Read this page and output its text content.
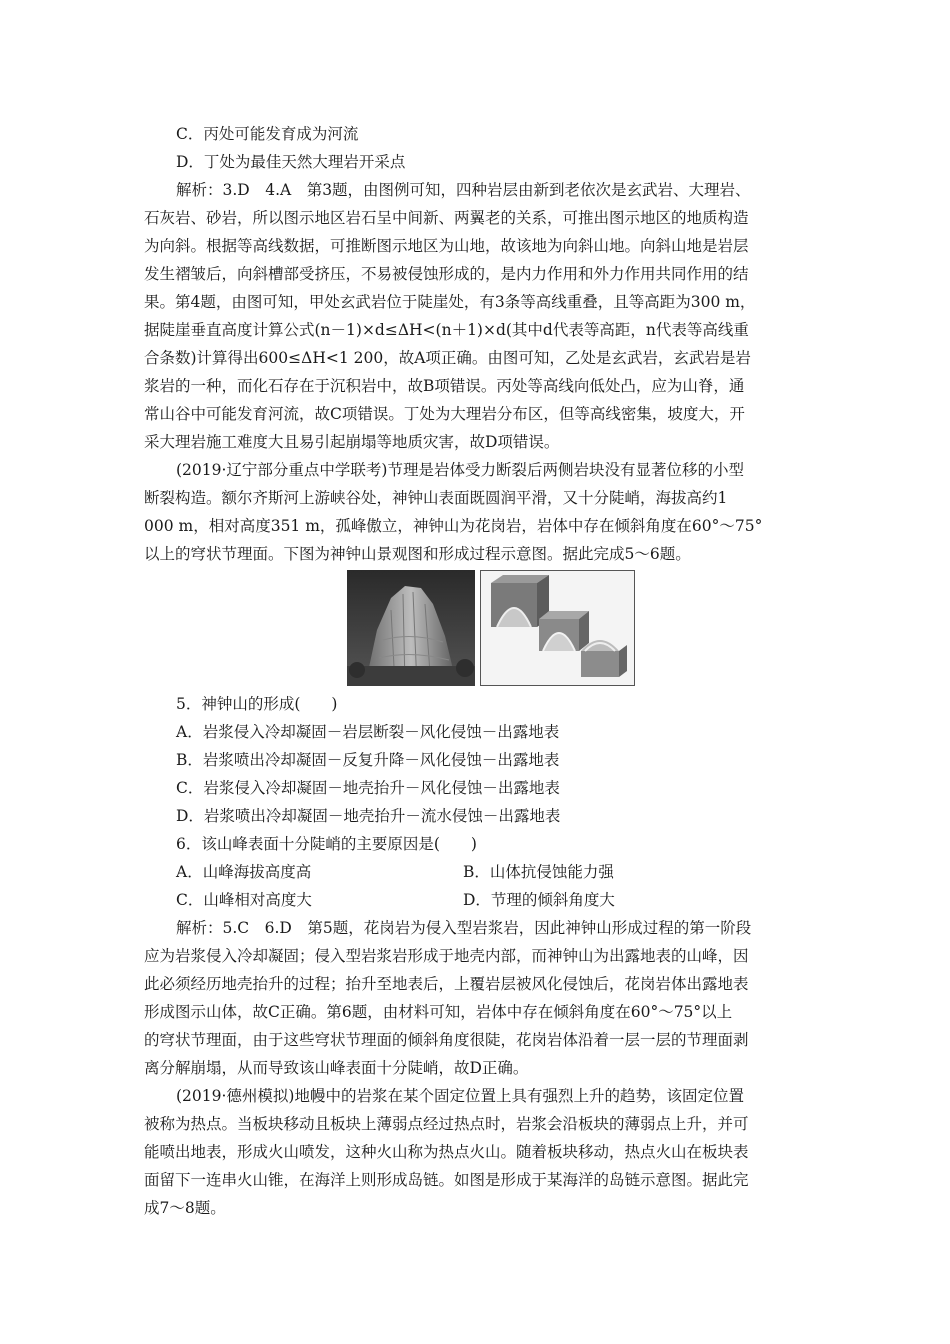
C．丙处可能发育成为河流
D．丁处为最佳天然大理岩开采点
解析：3.D　4.A　第3题，由图例可知，四种岩层由新到老依次是玄武岩、大理岩、
石灰岩、砂岩，所以图示地区岩石呈中间新、两翼老的关系，可推出图示地区的地质构造
为向斜。根据等高线数据，可推断图示地区为山地，故该地为向斜山地。向斜山地是岩层
发生褶皱后，向斜槽部受挤压，不易被侵蚀形成的，是内力作用和外力作用共同作用的结
果。第4题，由图可知，甲处玄武岩位于陡崖处，有3条等高线重叠，且等高距为300 m，
据陡崖垂直高度计算公式(n－1)×d≤ΔH<(n＋1)×d(其中d代表等高距，n代表等高线重
合条数)计算得出600≤ΔH<1 200，故A项正确。由图可知，乙处是玄武岩，玄武岩是岩
浆岩的一种，而化石存在于沉积岩中，故B项错误。丙处等高线向低处凸，应为山脊，通
常山谷中可能发育河流，故C项错误。丁处为大理岩分布区，但等高线密集，坡度大，开
采大理岩施工难度大且易引起崩塌等地质灾害，故D项错误。
(2019·辽宁部分重点中学联考)节理是岩体受力断裂后两侧岩块没有显著位移的小型
断裂构造。额尔齐斯河上游峡谷处，神钟山表面既圆润平滑，又十分陡峭，海拔高约1
000 m，相对高度351 m，孤峰傲立，神钟山为花岗岩，岩体中存在倾斜角度在60°～75°
以上的穹状节理面。下图为神钟山景观图和形成过程示意图。据此完成5～6题。
5．神钟山的形成(　　)
A．岩浆侵入冷却凝固－岩层断裂－风化侵蚀－出露地表
B．岩浆喷出冷却凝固－反复升降－风化侵蚀－出露地表
C．岩浆侵入冷却凝固－地壳抬升－风化侵蚀－出露地表
D．岩浆喷出冷却凝固－地壳抬升－流水侵蚀－出露地表
6．该山峰表面十分陡峭的主要原因是(　　)
A．山峰海拔高度高	B．山体抗侵蚀能力强
C．山峰相对高度大	D．节理的倾斜角度大
解析：5.C　6.D　第5题，花岗岩为侵入型岩浆岩，因此神钟山形成过程的第一阶段
应为岩浆侵入冷却凝固；侵入型岩浆岩形成于地壳内部，而神钟山为出露地表的山峰，因
此必须经历地壳抬升的过程；抬升至地表后，上覆岩层被风化侵蚀后，花岗岩体出露地表
形成图示山体，故C正确。第6题，由材料可知，岩体中存在倾斜角度在60°～75°以上
的穹状节理面，由于这些穹状节理面的倾斜角度很陡，花岗岩体沿着一层一层的节理面剥
离分解崩塌，从而导致该山峰表面十分陡峭，故D正确。
(2019·德州模拟)地幔中的岩浆在某个固定位置上具有强烈上升的趋势，该固定位置
被称为热点。当板块移动且板块上薄弱点经过热点时，岩浆会沿板块的薄弱点上升，并可
能喷出地表，形成火山喷发，这种火山称为热点火山。随着板块移动，热点火山在板块表
面留下一连串火山锥，在海洋上则形成岛链。如图是形成于某海洋的岛链示意图。据此完
成7～8题。
